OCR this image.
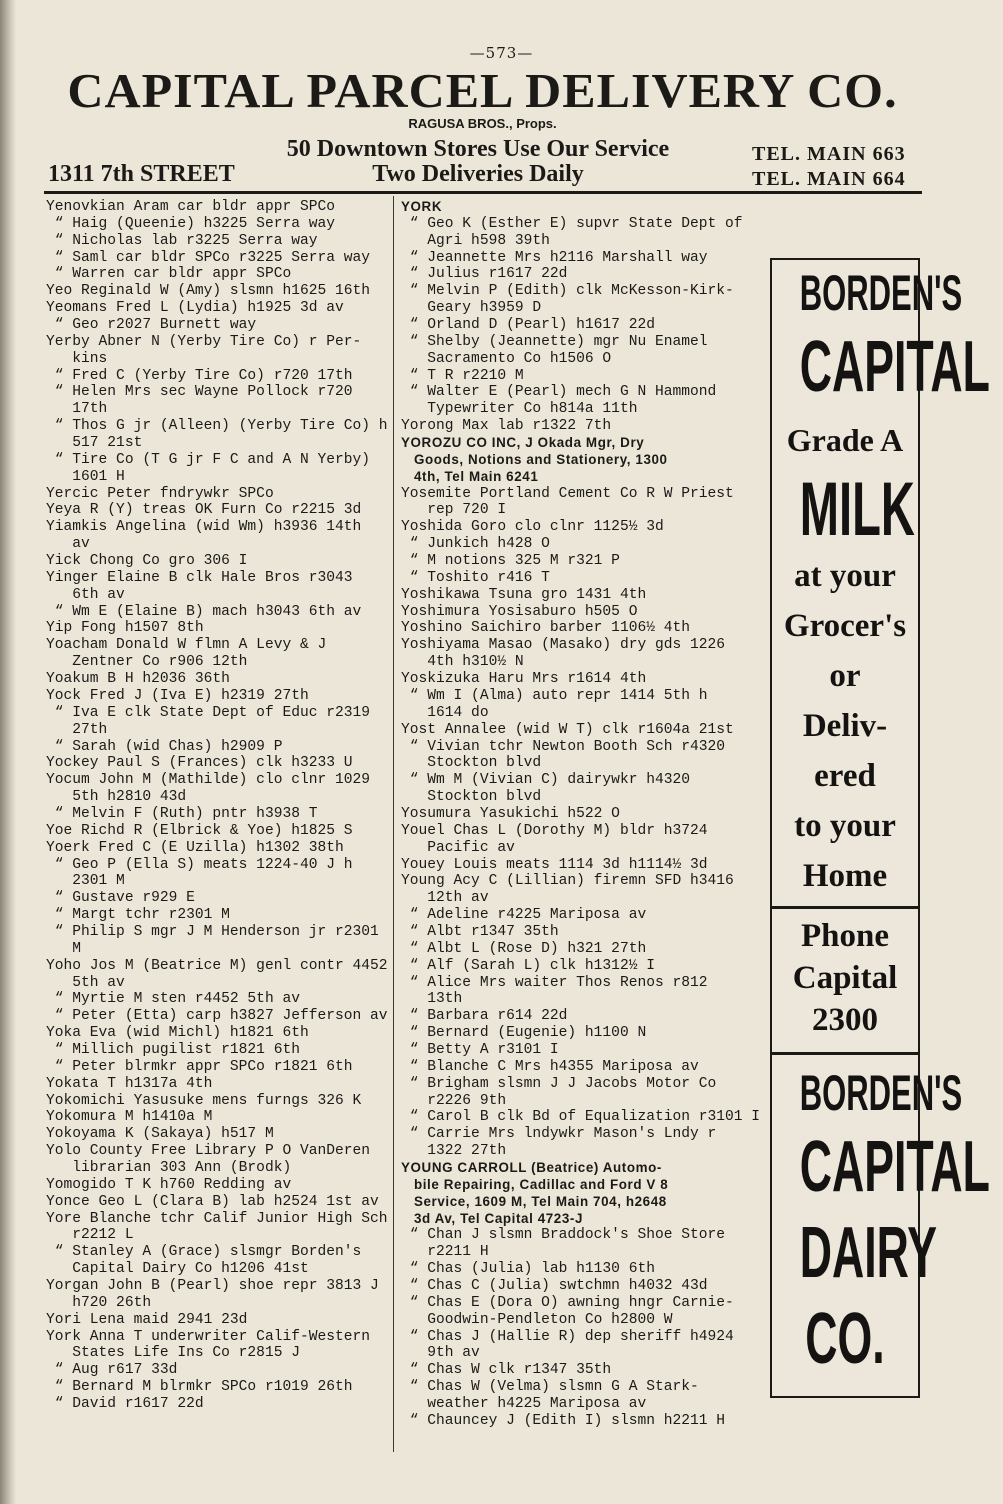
—573—
CAPITAL PARCEL DELIVERY CO.
RAGUSA BROS., Props.
50 Downtown Stores Use Our Service
1311 7th STREET	Two Deliveries Daily
TEL. MAIN 663
TEL. MAIN 664
Yenovkian Aram car bldr appr SPCo
“ Haig (Queenie) h3225 Serra way
“ Nicholas lab r3225 Serra way
“ Saml car bldr SPCo r3225 Serra way
“ Warren car bldr appr SPCo
Yeo Reginald W (Amy) slsmn h1625 16th
Yeomans Fred L (Lydia) h1925 3d av
“ Geo r2027 Burnett way
Yerby Abner N (Yerby Tire Co) r Per-
kins
“ Fred C (Yerby Tire Co) r720 17th
“ Helen Mrs sec Wayne Pollock r720
17th
“ Thos G jr (Alleen) (Yerby Tire Co) h
517 21st
“ Tire Co (T G jr F C and A N Yerby)
1601 H
Yercic Peter fndrywkr SPCo
Yeya R (Y) treas OK Furn Co r2215 3d
Yiamkis Angelina (wid Wm) h3936 14th
av
Yick Chong Co gro 306 I
Yinger Elaine B clk Hale Bros r3043
6th av
“ Wm E (Elaine B) mach h3043 6th av
Yip Fong h1507 8th
Yoacham Donald W flmn A Levy & J
Zentner Co r906 12th
Yoakum B H h2036 36th
Yock Fred J (Iva E) h2319 27th
“ Iva E clk State Dept of Educ r2319
27th
“ Sarah (wid Chas) h2909 P
Yockey Paul S (Frances) clk h3233 U
Yocum John M (Mathilde) clo clnr 1029
5th h2810 43d
“ Melvin F (Ruth) pntr h3938 T
Yoe Richd R (Elbrick & Yoe) h1825 S
Yoerk Fred C (E Uzilla) h1302 38th
“ Geo P (Ella S) meats 1224-40 J h
2301 M
“ Gustave r929 E
“ Margt tchr r2301 M
“ Philip S mgr J M Henderson jr r2301
M
Yoho Jos M (Beatrice M) genl contr 4452
5th av
“ Myrtie M sten r4452 5th av
“ Peter (Etta) carp h3827 Jefferson av
Yoka Eva (wid Michl) h1821 6th
“ Millich pugilist r1821 6th
“ Peter blrmkr appr SPCo r1821 6th
Yokata T h1317a 4th
Yokomichi Yasusuke mens furngs 326 K
Yokomura M h1410a M
Yokoyama K (Sakaya) h517 M
Yolo County Free Library P O VanDeren
librarian 303 Ann (Brodk)
Yomogido T K h760 Redding av
Yonce Geo L (Clara B) lab h2524 1st av
Yore Blanche tchr Calif Junior High Sch
r2212 L
“ Stanley A (Grace) slsmgr Borden's
Capital Dairy Co h1206 41st
Yorgan John B (Pearl) shoe repr 3813 J
h720 26th
Yori Lena maid 2941 23d
York Anna T underwriter Calif-Western
States Life Ins Co r2815 J
“ Aug r617 33d
“ Bernard M blrmkr SPCo r1019 26th
“ David r1617 22d
YORK
“ Geo K (Esther E) supvr State Dept of
Agri h598 39th
“ Jeannette Mrs h2116 Marshall way
“ Julius r1617 22d
“ Melvin P (Edith) clk McKesson-Kirk-
Geary h3959 D
“ Orland D (Pearl) h1617 22d
“ Shelby (Jeannette) mgr Nu Enamel
Sacramento Co h1506 O
“ T R r2210 M
“ Walter E (Pearl) mech G N Hammond
Typewriter Co h814a 11th
Yorong Max lab r1322 7th
YOROZU CO INC, J Okada Mgr, Dry
Goods, Notions and Stationery, 1300
4th, Tel Main 6241
Yosemite Portland Cement Co R W Priest
rep 720 I
Yoshida Goro clo clnr 1125½ 3d
“ Junkich h428 O
“ M notions 325 M r321 P
“ Toshito r416 T
Yoshikawa Tsuna gro 1431 4th
Yoshimura Yosisaburo h505 O
Yoshino Saichiro barber 1106½ 4th
Yoshiyama Masao (Masako) dry gds 1226
4th h310½ N
Yoskizuka Haru Mrs r1614 4th
“ Wm I (Alma) auto repr 1414 5th h
1614 do
Yost Annalee (wid W T) clk r1604a 21st
“ Vivian tchr Newton Booth Sch r4320
Stockton blvd
“ Wm M (Vivian C) dairywkr h4320
Stockton blvd
Yosumura Yasukichi h522 O
Youel Chas L (Dorothy M) bldr h3724
Pacific av
Youey Louis meats 1114 3d h1114½ 3d
Young Acy C (Lillian) firemn SFD h3416
12th av
“ Adeline r4225 Mariposa av
“ Albt r1347 35th
“ Albt L (Rose D) h321 27th
“ Alf (Sarah L) clk h1312½ I
“ Alice Mrs waiter Thos Renos r812
13th
“ Barbara r614 22d
“ Bernard (Eugenie) h1100 N
“ Betty A r3101 I
“ Blanche C Mrs h4355 Mariposa av
“ Brigham slsmn J J Jacobs Motor Co
r2226 9th
“ Carol B clk Bd of Equalization r3101 I
“ Carrie Mrs lndywkr Mason's Lndy r
1322 27th
YOUNG CARROLL (Beatrice) Automo-
bile Repairing, Cadillac and Ford V 8
Service, 1609 M, Tel Main 704, h2648
3d Av, Tel Capital 4723-J
“ Chan J slsmn Braddock's Shoe Store
r2211 H
“ Chas (Julia) lab h1130 6th
“ Chas C (Julia) swtchmn h4032 43d
“ Chas E (Dora O) awning hngr Carnie-
Goodwin-Pendleton Co h2800 W
“ Chas J (Hallie R) dep sheriff h4924
9th av
“ Chas W clk r1347 35th
“ Chas W (Velma) slsmn G A Stark-
weather h4225 Mariposa av
“ Chauncey J (Edith I) slsmn h2211 H
BORDEN'S
CAPITAL
Grade A
MILK
at your
Grocer's
or
Deliv-
ered
to your
Home
Phone
Capital
2300
BORDEN'S
CAPITAL
DAIRY
CO.
